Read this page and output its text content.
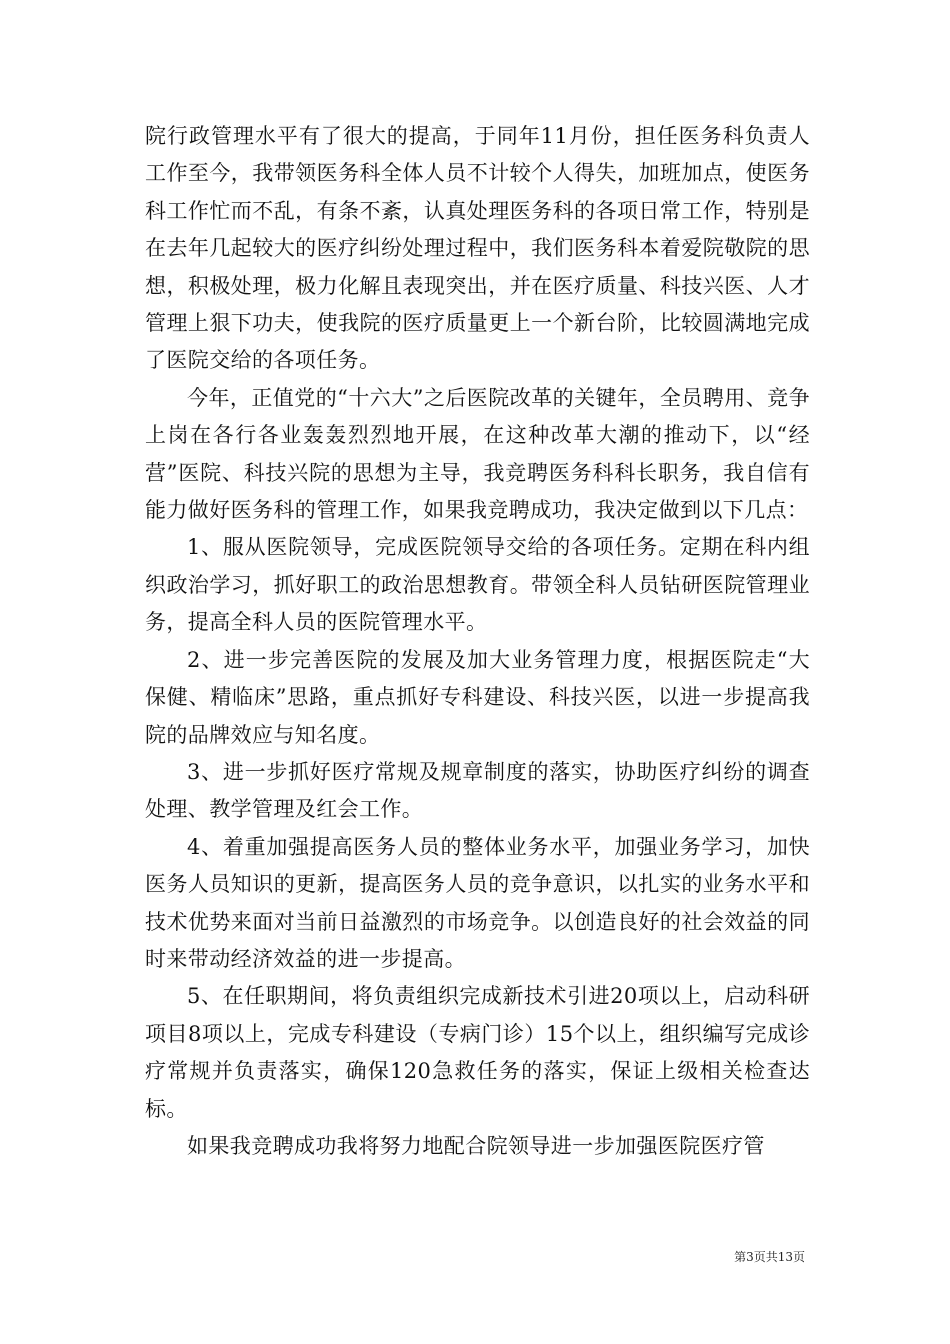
院行政管理水平有了很大的提高，于同年11月份，担任医务科负责人工作至今，我带领医务科全体人员不计较个人得失，加班加点，使医务科工作忙而不乱，有条不紊，认真处理医务科的各项日常工作，特别是在去年几起较大的医疗纠纷处理过程中，我们医务科本着爱院敬院的思想，积极处理，极力化解且表现突出，并在医疗质量、科技兴医、人才管理上狠下功夫，使我院的医疗质量更上一个新台阶，比较圆满地完成了医院交给的各项任务。

今年，正值党的“十六大”之后医院改革的关键年，全员聘用、竞争上岗在各行各业轰轰烈烈地开展，在这种改革大潮的推动下，以“经营”医院、科技兴院的思想为主导，我竞聘医务科科长职务，我自信有能力做好医务科的管理工作，如果我竞聘成功，我决定做到以下几点：

1、服从医院领导，完成医院领导交给的各项任务。定期在科内组织政治学习，抓好职工的政治思想教育。带领全科人员钻研医院管理业务，提高全科人员的医院管理水平。

2、进一步完善医院的发展及加大业务管理力度，根据医院走“大保健、精临床”思路，重点抓好专科建设、科技兴医，以进一步提高我院的品牌效应与知名度。

3、进一步抓好医疗常规及规章制度的落实，协助医疗纠纷的调查处理、教学管理及红会工作。

4、着重加强提高医务人员的整体业务水平，加强业务学习，加快医务人员知识的更新，提高医务人员的竞争意识，以扎实的业务水平和技术优势来面对当前日益激烈的市场竞争。以创造良好的社会效益的同时来带动经济效益的进一步提高。

5、在任职期间，将负责组织完成新技术引进20项以上，启动科研项目8项以上，完成专科建设（专病门诊）15个以上，组织编写完成诊疗常规并负责落实，确保120急救任务的落实，保证上级相关检查达标。

如果我竞聘成功我将努力地配合院领导进一步加强医院医疗管

第3页共13页
